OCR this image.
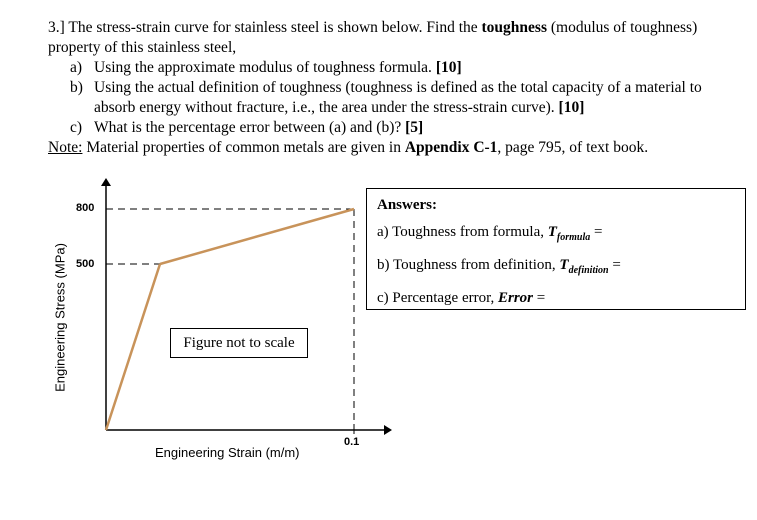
3.] The stress-strain curve for stainless steel is shown below. Find the toughness (modulus of toughness) property of this stainless steel,

a) Using the approximate modulus of toughness formula. [10]
b) Using the actual definition of toughness (toughness is defined as the total capacity of a material to absorb energy without fracture, i.e., the area under the stress-strain curve). [10]
c) What is the percentage error between (a) and (b)? [5]

Note: Material properties of common metals are given in Appendix C-1, page 795, of text book.

Engineering Stress (MPa)
Engineering Strain (m/m)
800
500
0.1
Figure not to scale
Answers:
a) Toughness from formula, $T_{formula}$ =
b) Toughness from definition, $T_{definition}$ =
c) Percentage error, Error =
